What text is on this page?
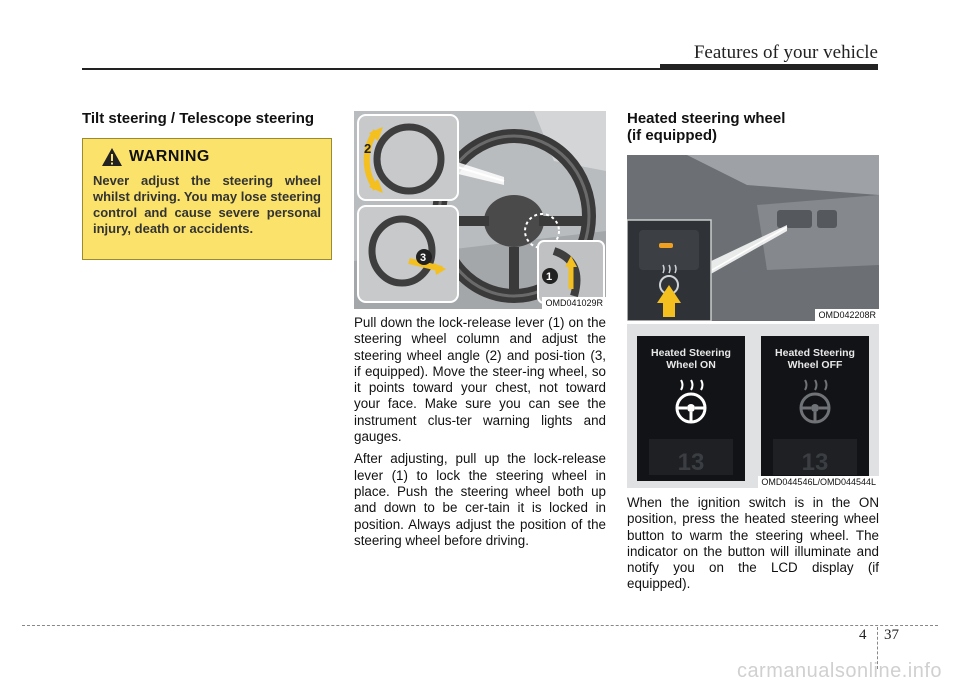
Features of your vehicle
Tilt steering / Telescope steering
WARNING
Never adjust the steering wheel whilst driving. You may lose steering control and cause severe personal injury, death or accidents.
2
3
1
OMD041029R

Pull down the lock-release lever (1) on the steering wheel column and adjust the steering wheel angle (2) and posi-tion (3, if equipped). Move the steer-ing wheel, so it points toward your chest, not toward your face. Make sure you can see the instrument clus-ter warning lights and gauges.

After adjusting, pull up the lock-release lever (1) to lock the steering wheel in place. Push the steering wheel both up and down to be cer-tain it is locked in position. Always adjust the position of the steering wheel before driving.

Heated steering wheel
(if equipped)
OMD042208R
Heated Steering
Wheel ON
13
Heated Steering
Wheel OFF
13
OMD044546L/OMD044544L

When the ignition switch is in the ON position, press the heated steering wheel button to warm the steering wheel. The indicator on the button will illuminate and notify you on the LCD display (if equipped).

4 37
carmanualsonline.info
